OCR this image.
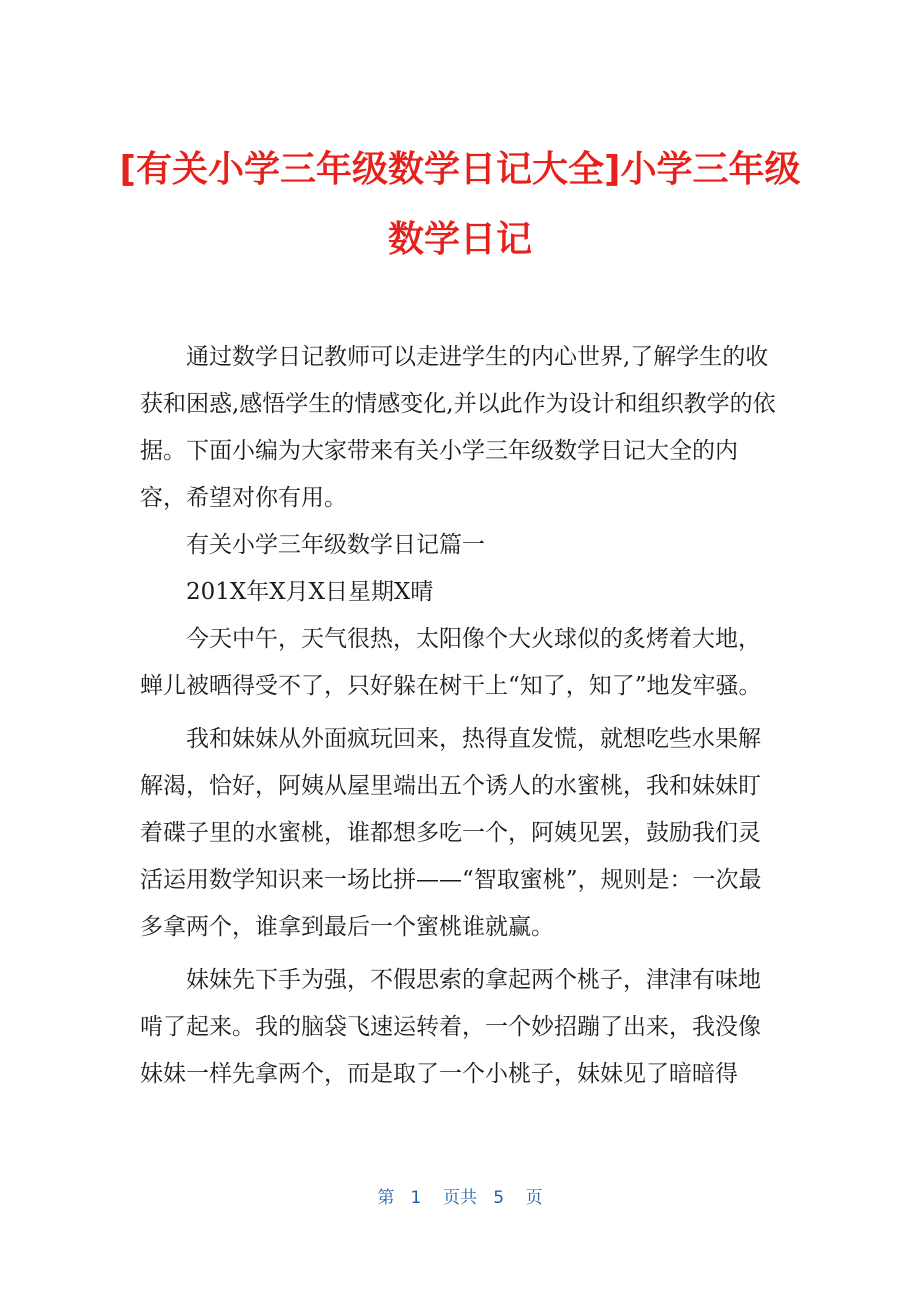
[有关小学三年级数学日记大全]小学三年级
数学日记

通过数学日记教师可以走进学生的内心世界,了解学生的收获和困惑,感悟学生的情感变化,并以此作为设计和组织教学的依据。下面小编为大家带来有关小学三年级数学日记大全的内容，希望对你有用。

有关小学三年级数学日记篇一

201X年X月X日星期X晴

今天中午，天气很热，太阳像个大火球似的炙烤着大地，蝉儿被晒得受不了，只好躲在树干上“知了，知了”地发牢骚。

我和妹妹从外面疯玩回来，热得直发慌，就想吃些水果解解渴，恰好，阿姨从屋里端出五个诱人的水蜜桃，我和妹妹盯着碟子里的水蜜桃，谁都想多吃一个，阿姨见罢，鼓励我们灵活运用数学知识来一场比拼——“智取蜜桃”，规则是：一次最多拿两个，谁拿到最后一个蜜桃谁就赢。

妹妹先下手为强，不假思索的拿起两个桃子，津津有味地啃了起来。我的脑袋飞速运转着，一个妙招蹦了出来，我没像妹妹一样先拿两个，而是取了一个小桃子，妹妹见了暗暗得

第 1 页共 5 页
